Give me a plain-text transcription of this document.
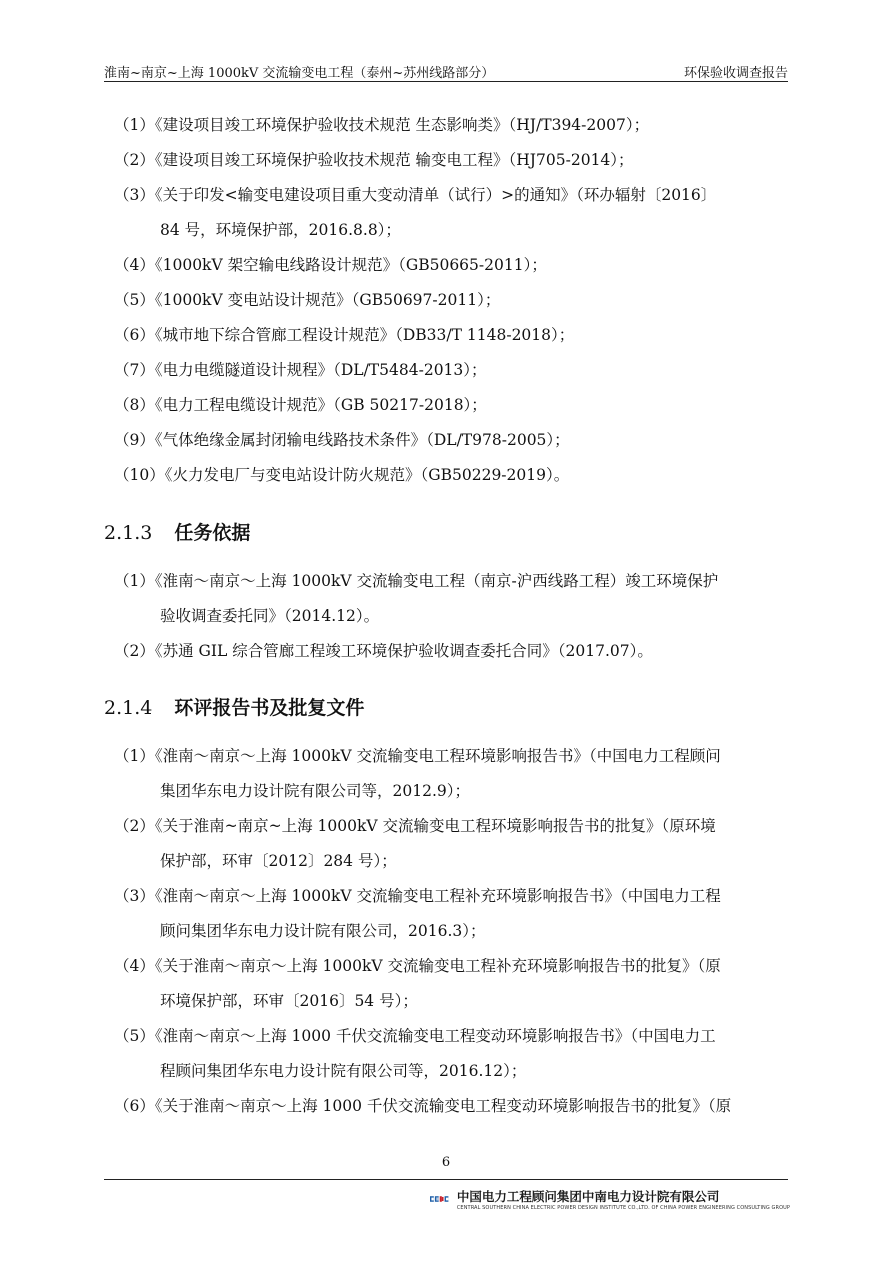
淮南~南京~上海 1000kV 交流输变电工程（泰州~苏州线路部分）	环保验收调查报告
（1）《建设项目竣工环境保护验收技术规范 生态影响类》（HJ/T394-2007）；
（2）《建设项目竣工环境保护验收技术规范 输变电工程》（HJ705-2014）；
（3）《关于印发<输变电建设项目重大变动清单（试行）>的通知》（环办辐射〔2016〕
84 号，环境保护部，2016.8.8）；
（4）《1000kV 架空输电线路设计规范》（GB50665-2011）；
（5）《1000kV 变电站设计规范》（GB50697-2011）；
（6）《城市地下综合管廊工程设计规范》（DB33/T 1148-2018）；
（7）《电力电缆隧道设计规程》（DL/T5484-2013）；
（8）《电力工程电缆设计规范》（GB 50217-2018）；
（9）《气体绝缘金属封闭输电线路技术条件》（DL/T978-2005）；
（10）《火力发电厂与变电站设计防火规范》（GB50229-2019）。
2.1.3 任务依据
（1）《淮南～南京～上海 1000kV 交流输变电工程（南京-沪西线路工程）竣工环境保护
验收调查委托同》（2014.12）。
（2）《苏通 GIL 综合管廊工程竣工环境保护验收调查委托合同》（2017.07）。
2.1.4 环评报告书及批复文件
（1）《淮南～南京～上海 1000kV 交流输变电工程环境影响报告书》（中国电力工程顾问
集团华东电力设计院有限公司等，2012.9）；
（2）《关于淮南~南京~上海 1000kV 交流输变电工程环境影响报告书的批复》（原环境
保护部，环审〔2012〕284 号）；
（3）《淮南～南京～上海 1000kV 交流输变电工程补充环境影响报告书》（中国电力工程
顾问集团华东电力设计院有限公司，2016.3）；
（4）《关于淮南～南京～上海 1000kV 交流输变电工程补充环境影响报告书的批复》（原
环境保护部，环审〔2016〕54 号）；
（5）《淮南～南京～上海 1000 千伏交流输变电工程变动环境影响报告书》（中国电力工
程顾问集团华东电力设计院有限公司等，2016.12）；
（6）《关于淮南～南京～上海 1000 千伏交流输变电工程变动环境影响报告书的批复》（原
6
中国电力工程顾问集团中南电力设计院有限公司
CENTRAL SOUTHERN CHINA ELECTRIC POWER DESIGN INSTITUTE CO.,LTD. OF CHINA POWER ENGINEERING CONSULTING GROUP
